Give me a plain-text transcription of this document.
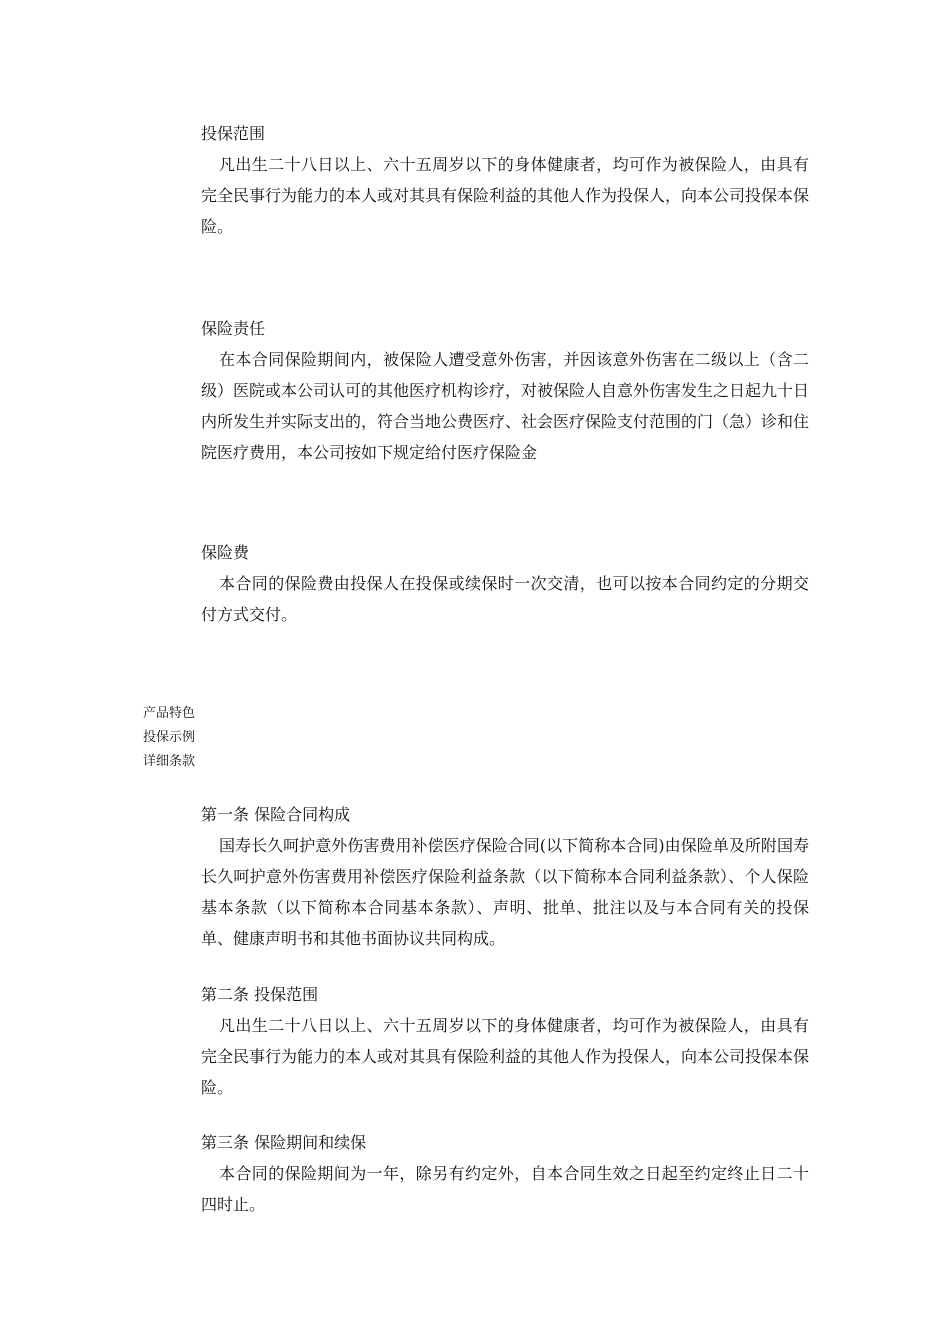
投保范围

凡出生二十八日以上、六十五周岁以下的身体健康者，均可作为被保险人，由具有完全民事行为能力的本人或对其具有保险利益的其他人作为投保人，向本公司投保本保险。

保险责任

在本合同保险期间内，被保险人遭受意外伤害，并因该意外伤害在二级以上（含二级）医院或本公司认可的其他医疗机构诊疗，对被保险人自意外伤害发生之日起九十日内所发生并实际支出的，符合当地公费医疗、社会医疗保险支付范围的门（急）诊和住院医疗费用，本公司按如下规定给付医疗保险金

保险费

本合同的保险费由投保人在投保或续保时一次交清，也可以按本合同约定的分期交付方式交付。

产品特色
投保示例
详细条款

第一条 保险合同构成

国寿长久呵护意外伤害费用补偿医疗保险合同(以下简称本合同)由保险单及所附国寿长久呵护意外伤害费用补偿医疗保险利益条款（以下简称本合同利益条款）、个人保险基本条款（以下简称本合同基本条款）、声明、批单、批注以及与本合同有关的投保单、健康声明书和其他书面协议共同构成。

第二条 投保范围

凡出生二十八日以上、六十五周岁以下的身体健康者，均可作为被保险人，由具有完全民事行为能力的本人或对其具有保险利益的其他人作为投保人，向本公司投保本保险。

第三条 保险期间和续保

本合同的保险期间为一年，除另有约定外，自本合同生效之日起至约定终止日二十四时止。
